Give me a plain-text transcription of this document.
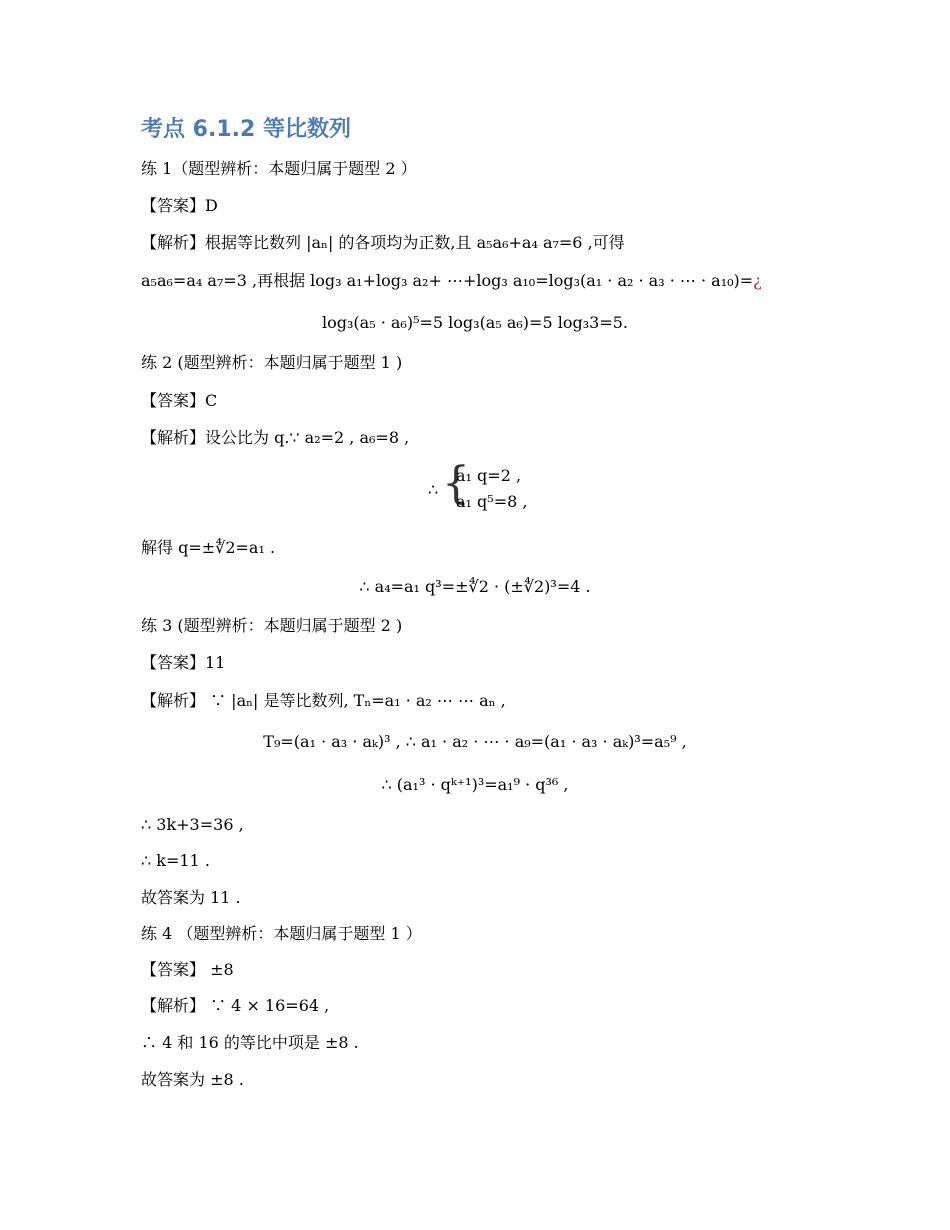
考点 6.1.2 等比数列
练 1（题型辨析：本题归属于题型 2 ）
【答案】D
【解析】根据等比数列 |aₙ| 的各项均为正数,且 a₅a₆+a₄ a₇=6 ,可得
a₅a₆=a₄ a₇=3 ,再根据 log₃ a₁+log₃ a₂+ ⋯+log₃ a₁₀=log₃(a₁ · a₂ · a₃ · ⋯ · a₁₀)=¿
log₃(a₅ · a₆)⁵=5 log₃(a₅ a₆)=5 log₃3=5.
练 2 (题型辨析：本题归属于题型 1 )
【答案】C
【解析】设公比为 q.∵ a₂=2 , a₆=8 ,
∴ {
a₁ q=2 ,
a₁ q⁵=8 ,
解得 q=±∜2=a₁ .
∴ a₄=a₁ q³=±∜2 · (±∜2)³=4 .
练 3 (题型辨析：本题归属于题型 2 )
【答案】11
【解析】 ∵ |aₙ| 是等比数列, Tₙ=a₁ · a₂ ⋯ ⋯ aₙ ,
T₉=(a₁ · a₃ · aₖ)³ , ∴ a₁ · a₂ · ⋯ · a₉=(a₁ · a₃ · aₖ)³=a₅⁹ ,
∴ (a₁³ · qᵏ⁺¹)³=a₁⁹ · q³⁶ ,
∴ 3k+3=36 ,
∴ k=11 .
故答案为 11 .
练 4 （题型辨析：本题归属于题型 1 ）
【答案】 ±8
【解析】 ∵ 4 × 16=64 ,
∴ 4 和 16 的等比中项是 ±8 .
故答案为 ±8 .
